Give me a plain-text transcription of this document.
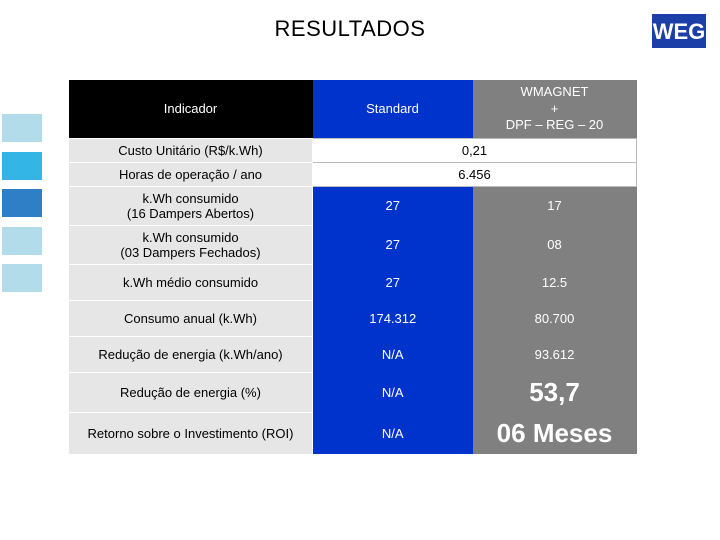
RESULTADOS	WEG
Indicador	Standard	WMAGNET
+
DPF – REG – 20

Custo Unitário (R$/k.Wh)	0,21	
Horas de operação / ano	6.456	

k.Wh consumido
(16 Dampers Abertos)	27	17

k.Wh consumido
(03 Dampers Fechados)	27	08
k.Wh médio consumido	27	12.5
Consumo anual (k.Wh)	174.312	80.700
Redução de energia (k.Wh/ano)	N/A	93.612
Redução de energia (%)	N/A	53,7
Retorno sobre o Investimento (ROI)	N/A	06 Meses
